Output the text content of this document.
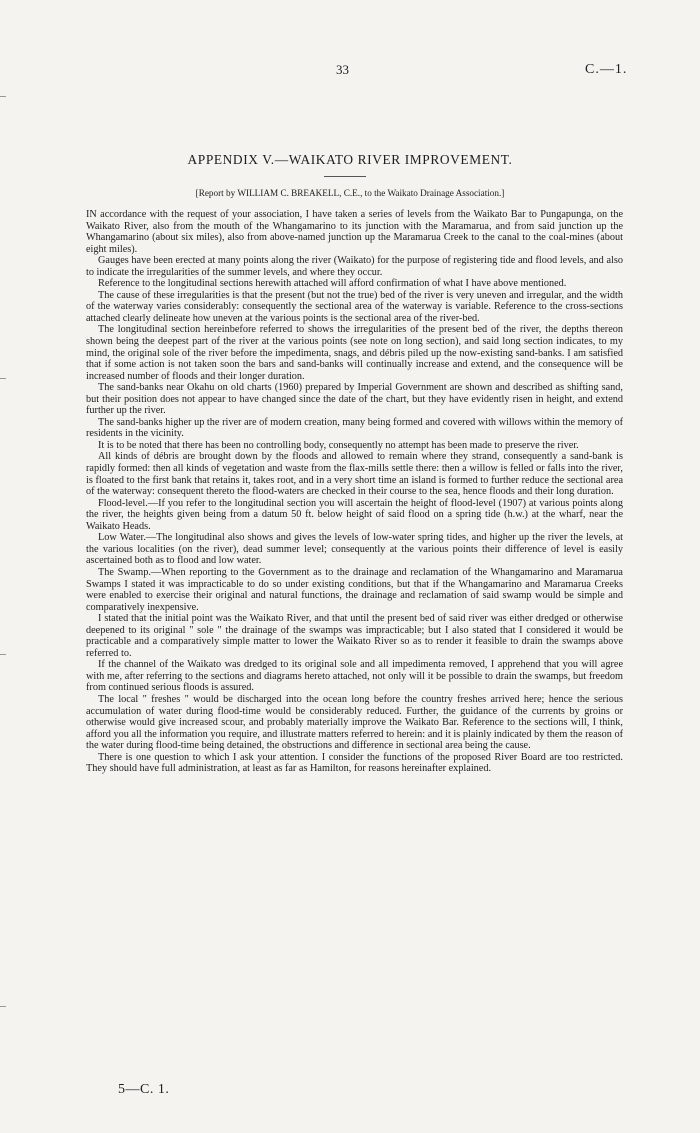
33	C.—1.
APPENDIX V.—WAIKATO RIVER IMPROVEMENT.
[Report by WILLIAM C. BREAKELL, C.E., to the Waikato Drainage Association.]

IN accordance with the request of your association, I have taken a series of levels from the Waikato Bar to Pungapunga, on the Waikato River, also from the mouth of the Whangamarino to its junction with the Maramarua, and from said junction up the Whangamarino (about six miles), also from above-named junction up the Maramarua Creek to the canal to the coal-mines (about eight miles).

Gauges have been erected at many points along the river (Waikato) for the purpose of registering tide and flood levels, and also to indicate the irregularities of the summer levels, and where they occur.

Reference to the longitudinal sections herewith attached will afford confirmation of what I have above mentioned.

The cause of these irregularities is that the present (but not the true) bed of the river is very uneven and irregular, and the width of the waterway varies considerably: consequently the sectional area of the waterway is variable. Reference to the cross-sections attached clearly delineate how uneven at the various points is the sectional area of the river-bed.

The longitudinal section hereinbefore referred to shows the irregularities of the present bed of the river, the depths thereon shown being the deepest part of the river at the various points (see note on long section), and said long section indicates, to my mind, the original sole of the river before the impedimenta, snags, and débris piled up the now-existing sand-banks. I am satisfied that if some action is not taken soon the bars and sand-banks will continually increase and extend, and the consequence will be increased number of floods and their longer duration.

The sand-banks near Okahu on old charts (1960) prepared by Imperial Government are shown and described as shifting sand, but their position does not appear to have changed since the date of the chart, but they have evidently risen in height, and extend further up the river.

The sand-banks higher up the river are of modern creation, many being formed and covered with willows within the memory of residents in the vicinity.

It is to be noted that there has been no controlling body, consequently no attempt has been made to preserve the river.

All kinds of débris are brought down by the floods and allowed to remain where they strand, consequently a sand-bank is rapidly formed: then all kinds of vegetation and waste from the flax-mills settle there: then a willow is felled or falls into the river, is floated to the first bank that retains it, takes root, and in a very short time an island is formed to further reduce the sectional area of the waterway: consequent thereto the flood-waters are checked in their course to the sea, hence floods and their long duration.

Flood-level.—If you refer to the longitudinal section you will ascertain the height of flood-level (1907) at various points along the river, the heights given being from a datum 50 ft. below height of said flood on a spring tide (h.w.) at the wharf, near the Waikato Heads.

Low Water.—The longitudinal also shows and gives the levels of low-water spring tides, and higher up the river the levels, at the various localities (on the river), dead summer level; consequently at the various points their difference of level is easily ascertained both as to flood and low water.

The Swamp.—When reporting to the Government as to the drainage and reclamation of the Whangamarino and Maramarua Swamps I stated it was impracticable to do so under existing conditions, but that if the Whangamarino and Maramarua Creeks were enabled to exercise their original and natural functions, the drainage and reclamation of said swamp would be simple and comparatively inexpensive.

I stated that the initial point was the Waikato River, and that until the present bed of said river was either dredged or otherwise deepened to its original " sole " the drainage of the swamps was impracticable; but I also stated that I considered it would be practicable and a comparatively simple matter to lower the Waikato River so as to render it feasible to drain the swamps above referred to.

If the channel of the Waikato was dredged to its original sole and all impedimenta removed, I apprehend that you will agree with me, after referring to the sections and diagrams hereto attached, not only will it be possible to drain the swamps, but freedom from continued serious floods is assured.

The local " freshes " would be discharged into the ocean long before the country freshes arrived here; hence the serious accumulation of water during flood-time would be considerably reduced. Further, the guidance of the currents by groins or otherwise would give increased scour, and probably materially improve the Waikato Bar. Reference to the sections will, I think, afford you all the information you require, and illustrate matters referred to herein: and it is plainly indicated by them the reason of the water during flood-time being detained, the obstructions and difference in sectional area being the cause.

There is one question to which I ask your attention. I consider the functions of the proposed River Board are too restricted. They should have full administration, at least as far as Hamilton, for reasons hereinafter explained.

5—C. 1.
